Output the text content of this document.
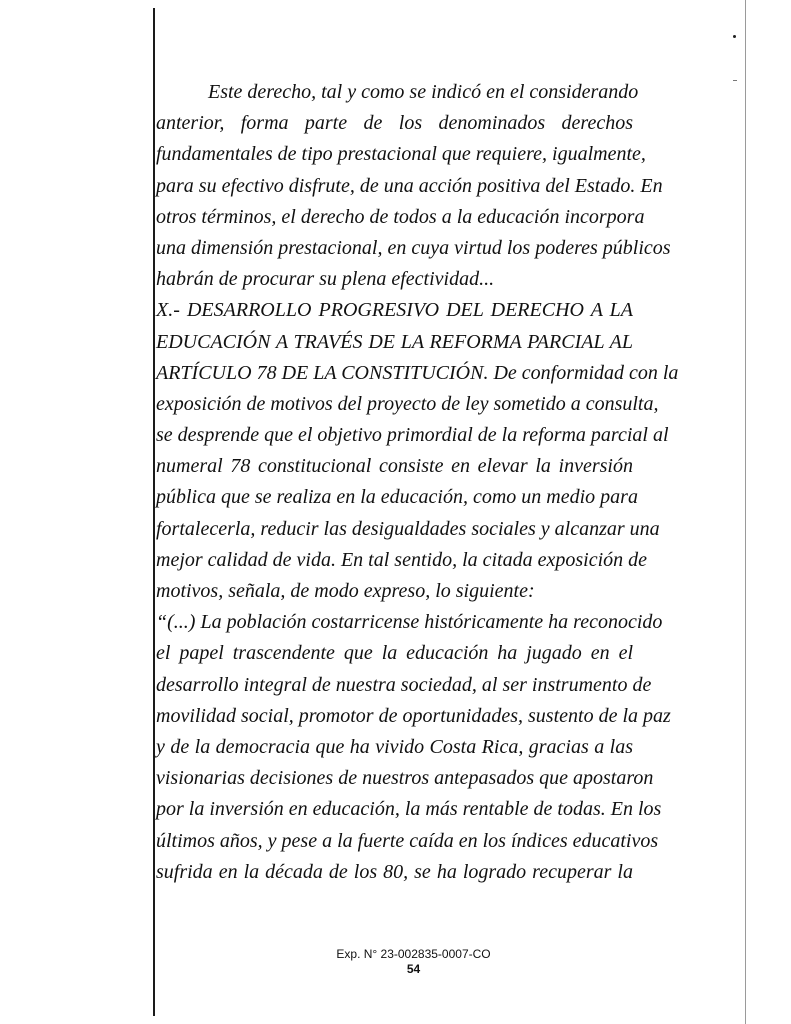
Este derecho, tal y como se indicó en el considerando
anterior, forma parte de los denominados derechos
fundamentales de tipo prestacional que requiere, igualmente,
para su efectivo disfrute, de una acción positiva del Estado. En
otros términos, el derecho de todos a la educación incorpora
una dimensión prestacional, en cuya virtud los poderes públicos
habrán de procurar su plena efectividad...
X.- DESARROLLO PROGRESIVO DEL DERECHO A LA
EDUCACIÓN A TRAVÉS DE LA REFORMA PARCIAL AL
ARTÍCULO 78 DE LA CONSTITUCIÓN. De conformidad con la
exposición de motivos del proyecto de ley sometido a consulta,
se desprende que el objetivo primordial de la reforma parcial al
numeral 78 constitucional consiste en elevar la inversión
pública que se realiza en la educación, como un medio para
fortalecerla, reducir las desigualdades sociales y alcanzar una
mejor calidad de vida. En tal sentido, la citada exposición de
motivos, señala, de modo expreso, lo siguiente:
“(...) La población costarricense históricamente ha reconocido
el papel trascendente que la educación ha jugado en el
desarrollo integral de nuestra sociedad, al ser instrumento de
movilidad social, promotor de oportunidades, sustento de la paz
y de la democracia que ha vivido Costa Rica, gracias a las
visionarias decisiones de nuestros antepasados que apostaron
por la inversión en educación, la más rentable de todas. En los
últimos años, y pese a la fuerte caída en los índices educativos
sufrida en la década de los 80, se ha logrado recuperar la
Exp. N° 23-002835-0007-CO
54
